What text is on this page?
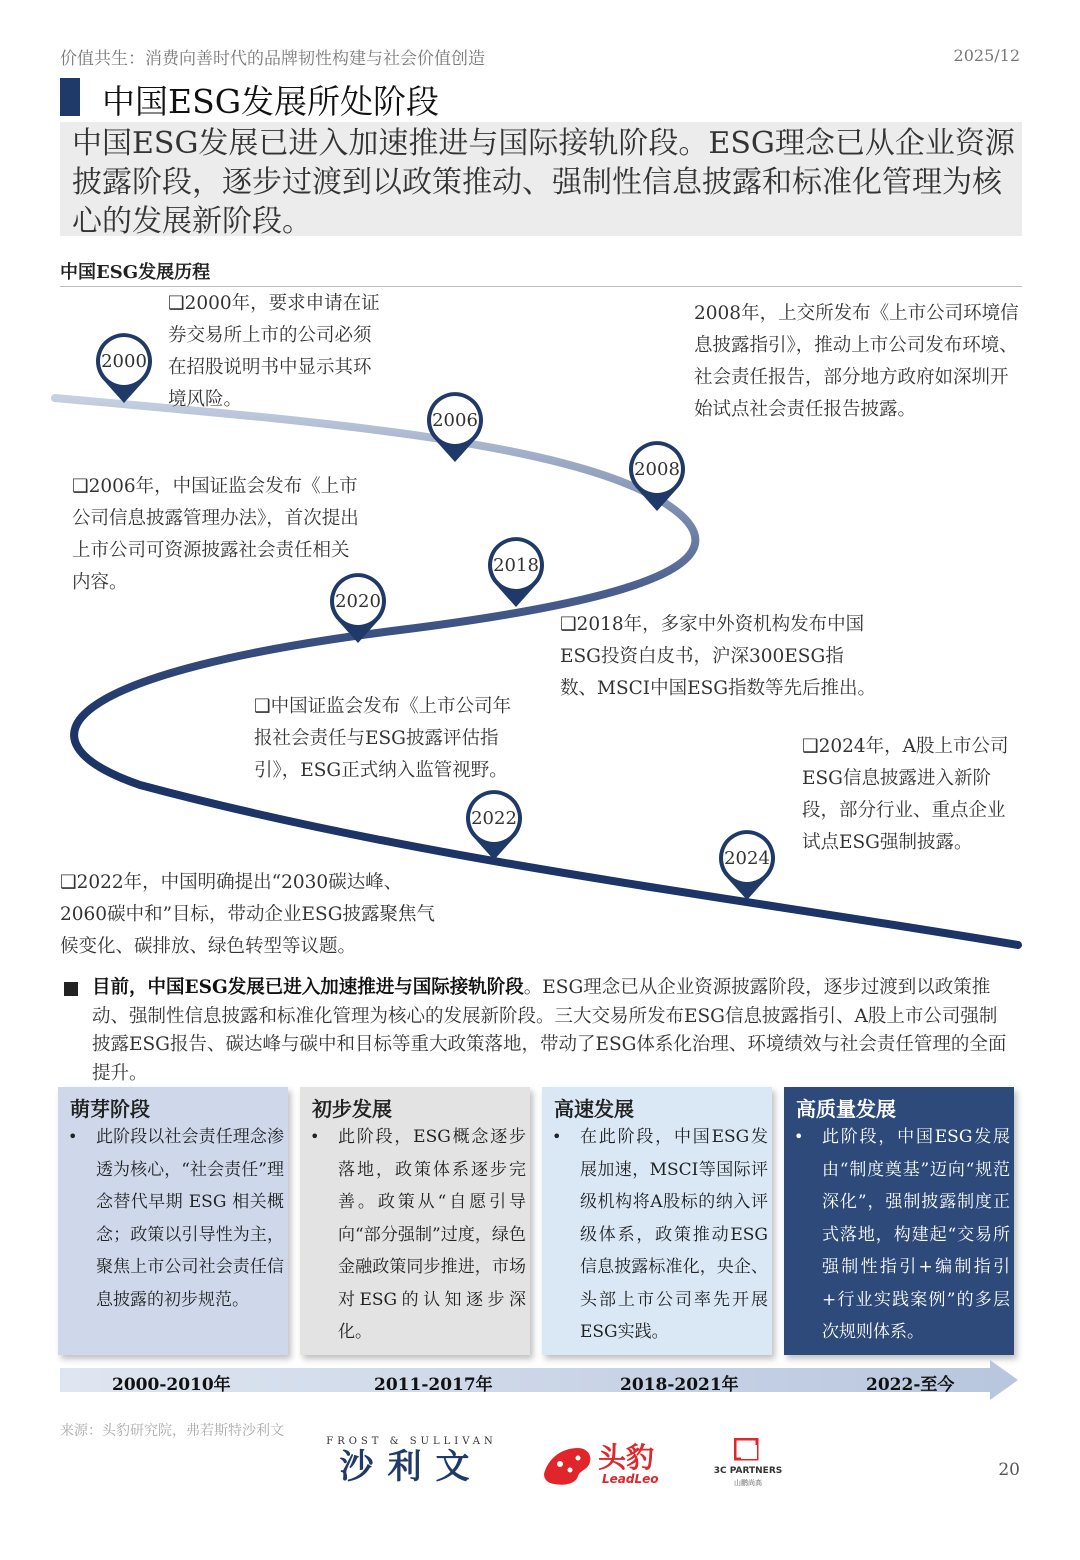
价值共生：消费向善时代的品牌韧性构建与社会价值创造	2025/12
中国ESG发展所处阶段
中国ESG发展已进入加速推进与国际接轨阶段。ESG理念已从企业资源披露阶段，逐步过渡到以政策推动、强制性信息披露和标准化管理为核心的发展新阶段。
中国ESG发展历程
2000
2006
2008
2018
2020
2022
2024
❑2000年，要求申请在证券交易所上市的公司必须在招股说明书中显示其环境风险。
2008年，上交所发布《上市公司环境信息披露指引》，推动上市公司发布环境、社会责任报告，部分地方政府如深圳开始试点社会责任报告披露。
❑2006年，中国证监会发布《上市公司信息披露管理办法》，首次提出上市公司可资源披露社会责任相关内容。
❑2018年，多家中外资机构发布中国ESG投资白皮书，沪深300ESG指数、MSCI中国ESG指数等先后推出。
❑中国证监会发布《上市公司年报社会责任与ESG披露评估指引》，ESG正式纳入监管视野。
❑2024年，A股上市公司ESG信息披露进入新阶段，部分行业、重点企业试点ESG强制披露。
❑2022年，中国明确提出“2030碳达峰、2060碳中和”目标，带动企业ESG披露聚焦气候变化、碳排放、绿色转型等议题。
目前，中国ESG发展已进入加速推进与国际接轨阶段。ESG理念已从企业资源披露阶段，逐步过渡到以政策推动、强制性信息披露和标准化管理为核心的发展新阶段。三大交易所发布ESG信息披露指引、A股上市公司强制披露ESG报告、碳达峰与碳中和目标等重大政策落地，带动了ESG体系化治理、环境绩效与社会责任管理的全面提升。
萌芽阶段
• 此阶段以社会责任理念渗透为核心，“社会责任”理念替代早期 ESG 相关概念；政策以引导性为主，聚焦上市公司社会责任信息披露的初步规范。
初步发展
• 此阶段，ESG概念逐步落地，政策体系逐步完善。政策从“自愿引导向“部分强制”过度，绿色金融政策同步推进，市场对ESG的认知逐步深化。
高速发展
• 在此阶段，中国ESG发展加速，MSCI等国际评级机构将A股标的纳入评级体系，政策推动ESG信息披露标准化，央企、头部上市公司率先开展ESG实践。
高质量发展
• 此阶段，中国ESG发展由“制度奠基”迈向“规范深化”，强制披露制度正式落地，构建起“交易所强制性指引+编制指引+行业实践案例”的多层次规则体系。
2000-2010年	2011-2017年	2018-2021年	2022-至今
来源：头豹研究院，弗若斯特沙利文
FROST & SULLIVAN
沙利文	头豹
LeadLeo
3C PARTNERS
山鹏尚高
20
